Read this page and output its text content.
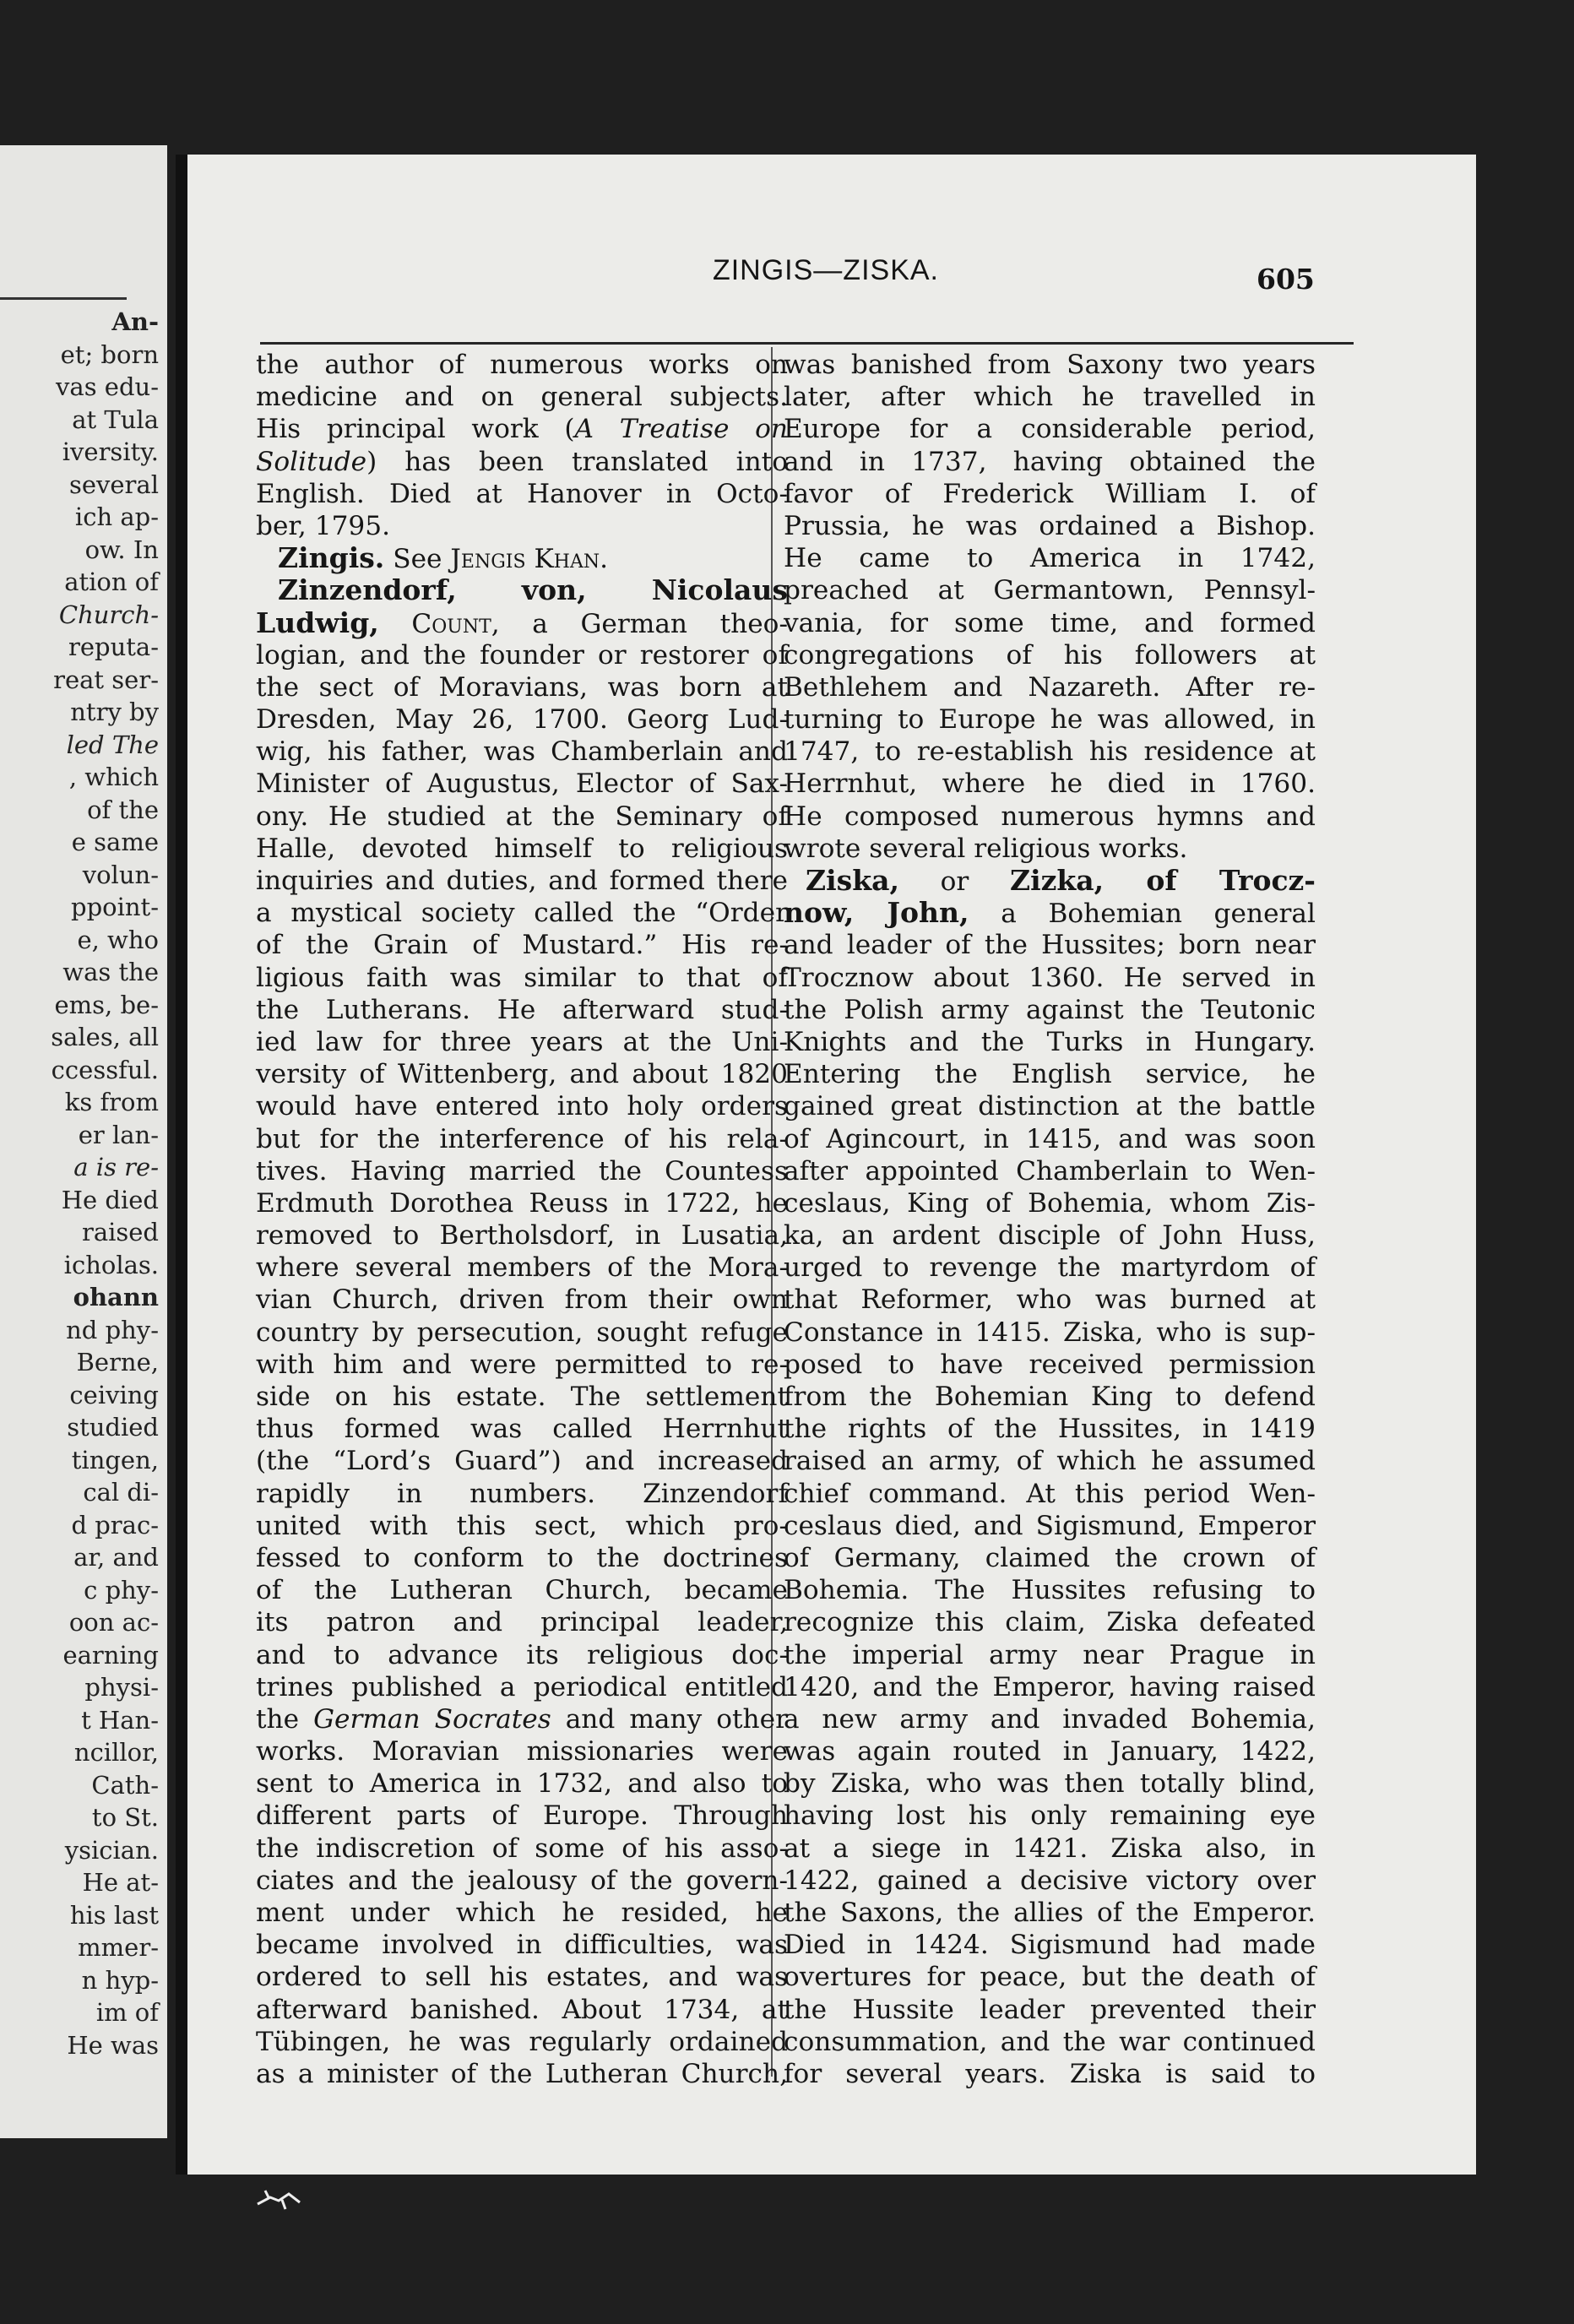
An-
et; born
vas edu-
at Tula
iversity.
several
ich ap-
ow. In
ation of
Church-
reputa-
reat ser-
ntry by
led The
, which
of the
e same
volun-
ppoint-
e, who
was the
ems, be-
sales, all
ccessful.
ks from
er lan-
a is re-
He died
raised
icholas.
ohann
nd phy-
Berne,
ceiving
studied
tingen,
cal di-
d prac-
ar, and
c phy-
oon ac-
earning
physi-
t Han-
ncillor,
Cath-
to St.
ysician.
He at-
his last
mmer-
n hyp-
im of
He was
ZINGIS—ZISKA.	605
the author of numerous works on
medicine and on general subjects.
His principal work (A Treatise on
Solitude) has been translated into
English. Died at Hanover in Octo-
ber, 1795.
Zingis. See Jengis Khan.
Zinzendorf, von, Nicolaus
Ludwig, Count, a German theo-
logian, and the founder or restorer of
the sect of Moravians, was born at
Dresden, May 26, 1700. Georg Lud-
wig, his father, was Chamberlain and
Minister of Augustus, Elector of Sax-
ony. He studied at the Seminary of
Halle, devoted himself to religious
inquiries and duties, and formed there
a mystical society called the “Order
of the Grain of Mustard.” His re-
ligious faith was similar to that of
the Lutherans. He afterward stud-
ied law for three years at the Uni-
versity of Wittenberg, and about 1820
would have entered into holy orders
but for the interference of his rela-
tives. Having married the Countess
Erdmuth Dorothea Reuss in 1722, he
removed to Bertholsdorf, in Lusatia,
where several members of the Mora-
vian Church, driven from their own
country by persecution, sought refuge
with him and were permitted to re-
side on his estate. The settlement
thus formed was called Herrnhut
(the “Lord’s Guard”) and increased
rapidly in numbers. Zinzendorf
united with this sect, which pro-
fessed to conform to the doctrines
of the Lutheran Church, became
its patron and principal leader,
and to advance its religious doc-
trines published a periodical entitled
the German Socrates and many other
works. Moravian missionaries were
sent to America in 1732, and also to
different parts of Europe. Through
the indiscretion of some of his asso-
ciates and the jealousy of the govern-
ment under which he resided, he
became involved in difficulties, was
ordered to sell his estates, and was
afterward banished. About 1734, at
Tübingen, he was regularly ordained
as a minister of the Lutheran Church,
was banished from Saxony two years
later, after which he travelled in
Europe for a considerable period,
and in 1737, having obtained the
favor of Frederick William I. of
Prussia, he was ordained a Bishop.
He came to America in 1742,
preached at Germantown, Pennsyl-
vania, for some time, and formed
congregations of his followers at
Bethlehem and Nazareth. After re-
turning to Europe he was allowed, in
1747, to re-establish his residence at
Herrnhut, where he died in 1760.
He composed numerous hymns and
wrote several religious works.
Ziska, or Zizka, of Trocz-
now, John, a Bohemian general
and leader of the Hussites; born near
Trocznow about 1360. He served in
the Polish army against the Teutonic
Knights and the Turks in Hungary.
Entering the English service, he
gained great distinction at the battle
of Agincourt, in 1415, and was soon
after appointed Chamberlain to Wen-
ceslaus, King of Bohemia, whom Zis-
ka, an ardent disciple of John Huss,
urged to revenge the martyrdom of
that Reformer, who was burned at
Constance in 1415. Ziska, who is sup-
posed to have received permission
from the Bohemian King to defend
the rights of the Hussites, in 1419
raised an army, of which he assumed
chief command. At this period Wen-
ceslaus died, and Sigismund, Emperor
of Germany, claimed the crown of
Bohemia. The Hussites refusing to
recognize this claim, Ziska defeated
the imperial army near Prague in
1420, and the Emperor, having raised
a new army and invaded Bohemia,
was again routed in January, 1422,
by Ziska, who was then totally blind,
having lost his only remaining eye
at a siege in 1421. Ziska also, in
1422, gained a decisive victory over
the Saxons, the allies of the Emperor.
Died in 1424. Sigismund had made
overtures for peace, but the death of
the Hussite leader prevented their
consummation, and the war continued
for several years. Ziska is said to
